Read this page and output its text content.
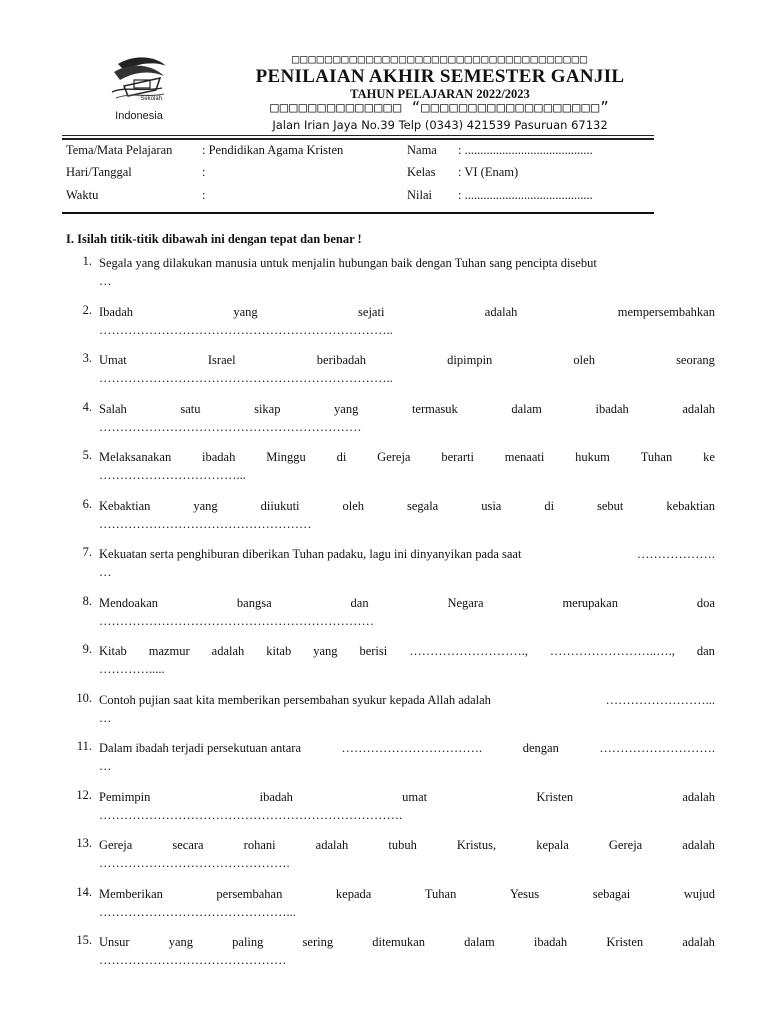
Sekolah
Indonesia
□□□□□□□□□□□□□□□□□□□□□□□□□□□□□□□□□□□□
PENILAIAN AKHIR SEMESTER GANJIL
TAHUN PELAJARAN 2022/2023
□□□□□□□□□□□□□□ “□□□□□□□□□□□□□□□□□□□”
Jalan Irian Jaya No.39 Telp (0343) 421539 Pasuruan 67132
Tema/Mata Pelajaran : Pendidikan Agama Kristen
Hari/Tanggal	:
Waktu	:
Nama : .........................................
Kelas : VI (Enam)
Nilai : .........................................
I. Isilah titik-titik dibawah ini dengan tepat dan benar !
1. Segala yang dilakukan manusia untuk menjalin hubungan baik dengan Tuhan sang pencipta disebut
…
2. Ibadah	yang	sejati	adalah	mempersembahkan
……………………………………………………………..
3. Umat	Israel	beribadah	dipimpin	oleh	seorang
……………………………………………………………..
4. Salah	satu	sikap	yang	termasuk	dalam	ibadah	adalah
………………………………………………………
5. Melaksanakan ibadah Minggu di Gereja berarti menaati hukum Tuhan ke
……………………………...
6. Kebaktian	yang	diiukuti	oleh	segala	usia	di	sebut	kebaktian
……………………………………………
7. Kekuatan serta penghiburan diberikan Tuhan padaku, lagu ini dinyanyikan pada saat	……………….
…
8. Mendoakan	bangsa	dan	Negara	merupakan	doa
…………………………………………………………
9. Kitab mazmur adalah kitab yang berisi ………………………., ……………………..…., dan
………….....
10. Contoh pujian saat kita memberikan persembahan syukur kepada Allah adalah	……………………...
…
11. Dalam ibadah terjadi persekutuan antara	…………………………….	dengan	……………………….
…
12. Pemimpin	ibadah	umat	Kristen	adalah
……………………………………………………………….
13. Gereja	secara	rohani	adalah	tubuh	Kristus,	kepala	Gereja	adalah
……………………………………….
14. Memberikan	persembahan	kepada	Tuhan	Yesus	sebagai	wujud
………………………………………...
15. Unsur	yang	paling	sering	ditemukan	dalam	ibadah	Kristen	adalah
………………………………………
